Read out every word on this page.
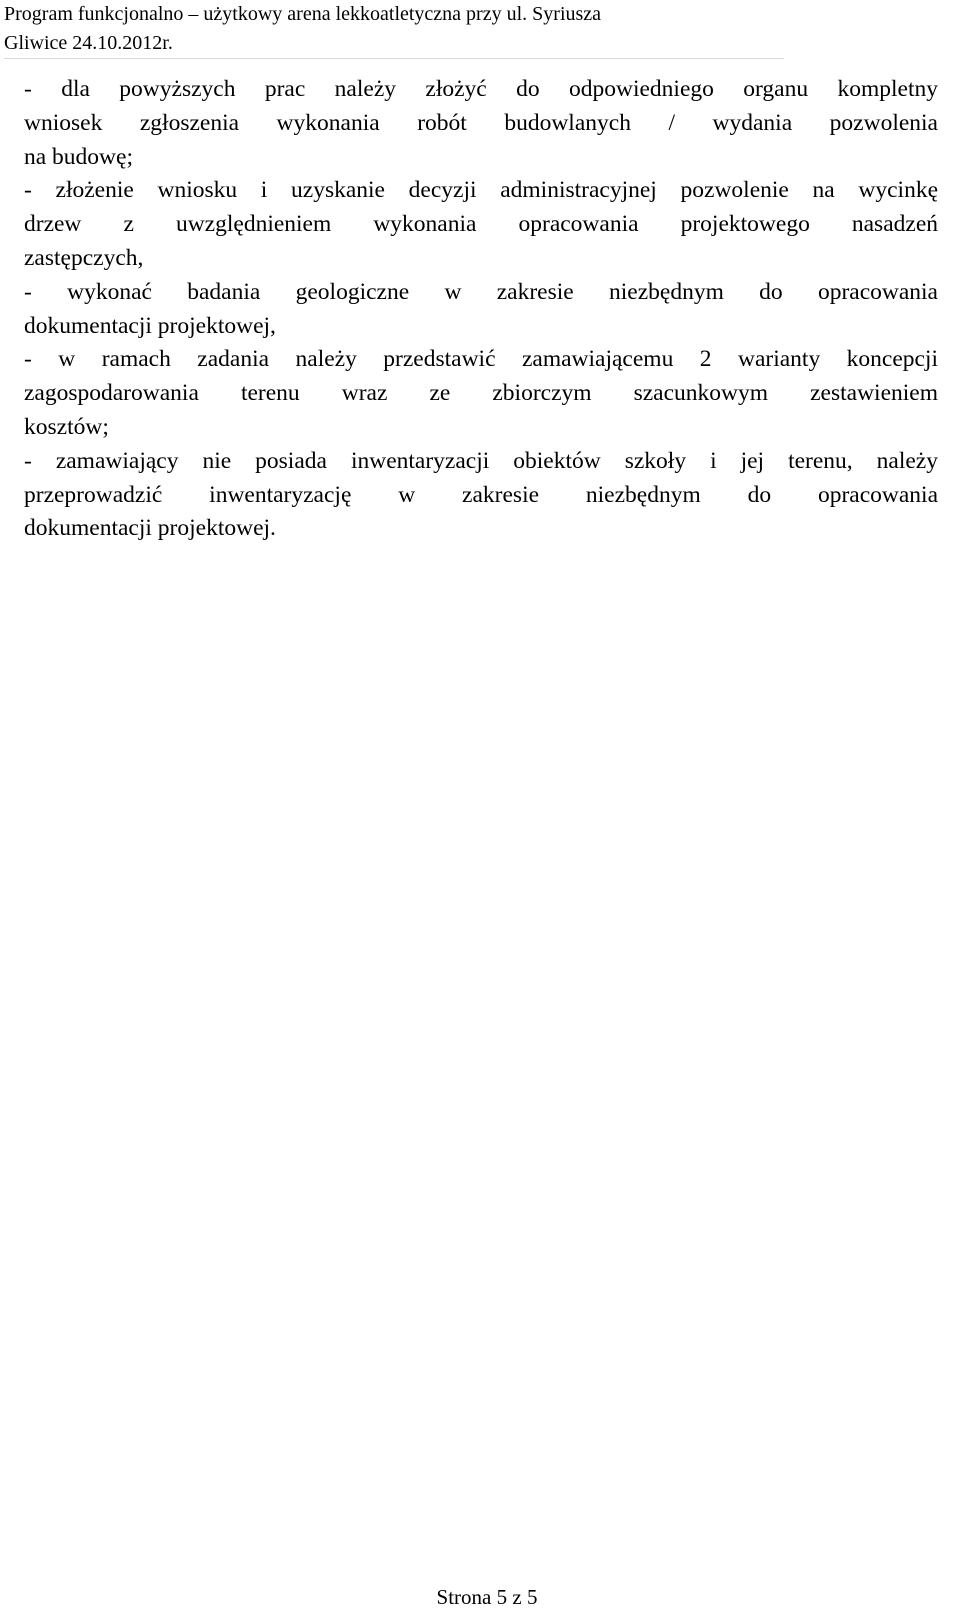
Program funkcjonalno – użytkowy arena lekkoatletyczna przy ul. Syriusza
Gliwice 24.10.2012r.
- dla powyższych prac należy złożyć do odpowiedniego organu kompletny
wniosek zgłoszenia wykonania robót budowlanych / wydania pozwolenia
na budowę;
- złożenie wniosku i uzyskanie decyzji administracyjnej pozwolenie na wycinkę
drzew z uwzględnieniem wykonania opracowania projektowego nasadzeń
zastępczych,
- wykonać badania geologiczne w zakresie niezbędnym do opracowania
dokumentacji projektowej,
- w ramach zadania należy przedstawić zamawiającemu 2 warianty koncepcji
zagospodarowania terenu wraz ze zbiorczym szacunkowym zestawieniem
kosztów;
- zamawiający nie posiada inwentaryzacji obiektów szkoły i jej terenu, należy
przeprowadzić inwentaryzację w zakresie niezbędnym do opracowania
dokumentacji projektowej.
Strona 5 z 5
